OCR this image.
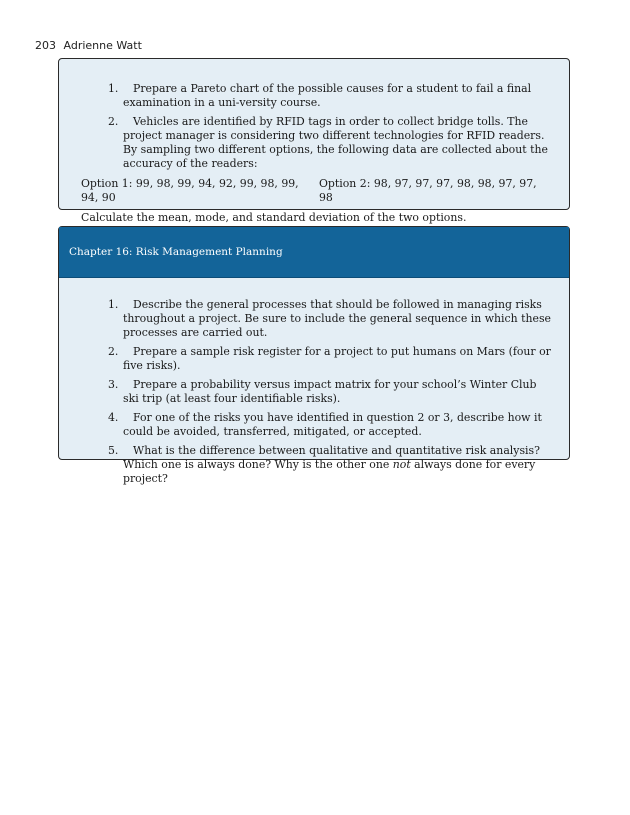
203 Adrienne Watt
1.	Prepare a Pareto chart of the possible causes for a student to fail a final examination in a uni-versity course.
2.	Vehicles are identified by RFID tags in order to collect bridge tolls. The project manager is considering two different technologies for RFID readers. By sampling two different options, the following data are collected about the accuracy of the readers:
Option 1: 99, 98, 99, 94, 92, 99, 98, 99, 94, 90
Option 2: 98, 97, 97, 97, 98, 98, 97, 97, 98
Calculate the mean, mode, and standard deviation of the two options.
Chapter 16: Risk Management Planning
1.	Describe the general processes that should be followed in managing risks throughout a project. Be sure to include the general sequence in which these processes are carried out.
2.	Prepare a sample risk register for a project to put humans on Mars (four or five risks).
3.	Prepare a probability versus impact matrix for your school’s Winter Club ski trip (at least four identifiable risks).
4.	For one of the risks you have identified in question 2 or 3, describe how it could be avoided, transferred, mitigated, or accepted.
5.	What is the difference between qualitative and quantitative risk analysis? Which one is always done? Why is the other one not always done for every project?
